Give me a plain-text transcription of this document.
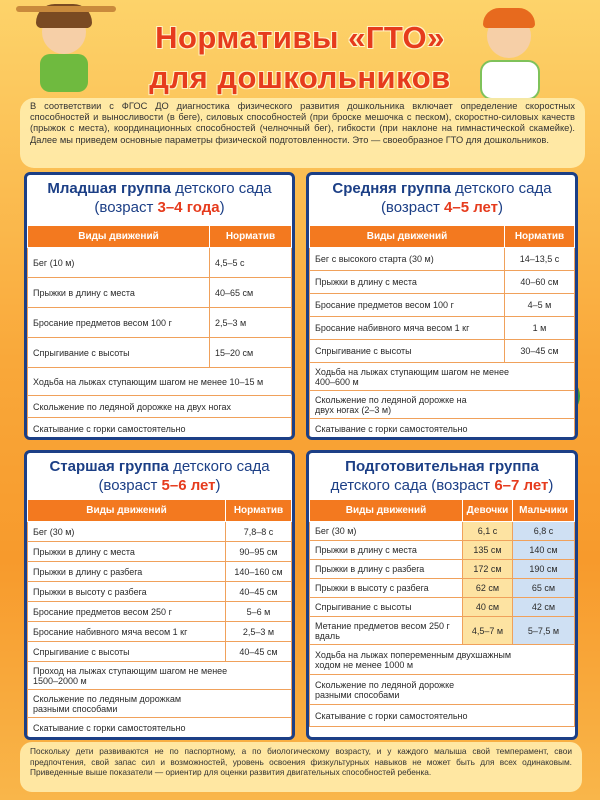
Нормативы «ГТО»
для дошкольников
В соответствии с ФГОС ДО диагностика физического развития дошкольника включает определение скоростных способностей и выносливости (в беге), силовых способностей (при броске мешочка с песком), скоростно-силовых качеств (прыжок с места), координационных способностей (челночный бег), гибкости (при наклоне на гимнастической скамейке). Далее мы приведем основные параметры физической подготовленности. Это — своеобразное ГТО для дошкольников.
Младшая группа детского сада
(возраст 3–4 года)
Виды движений	Норматив
Бег (10 м)	4,5–5 с
Прыжки в длину с места	40–65 см
Бросание предметов весом 100 г	2,5–3 м
Спрыгивание с высоты	15–20 см
Ходьба на лыжах ступающим шагом не менее 10–15 м	
Скольжение по ледяной дорожке на двух ногах	
Скатывание с горки самостоятельно	
Средняя группа детского сада
(возраст 4–5 лет)
Виды движений	Норматив
Бег с высокого старта (30 м)	14–13,5 с
Прыжки в длину с места	40–60 см
Бросание предметов весом 100 г	4–5 м
Бросание набивного мяча весом 1 кг	1 м
Спрыгивание с высоты	30–45 см
Ходьба на лыжах ступающим шагом не менее 400–600 м	
Скольжение по ледяной дорожке на двух ногах (2–3 м)	
Скатывание с горки самостоятельно	
Старшая группа детского сада
(возраст 5–6 лет)
Виды движений	Норматив
Бег (30 м)	7,8–8 с
Прыжки в длину с места	90–95 см
Прыжки в длину с разбега	140–160 см
Прыжки в высоту с разбега	40–45 см
Бросание предметов весом 250 г	5–6 м
Бросание набивного мяча весом 1 кг	2,5–3 м
Спрыгивание с высоты	40–45 см
Проход на лыжах ступающим шагом не менее 1500–2000 м	
Скольжение по ледяным дорожкам разными способами	
Скатывание с горки самостоятельно	
Подготовительная группа
детского сада (возраст 6–7 лет)
Виды движений	Девочки	Мальчики
Бег (30 м)	6,1 с	6,8 с
Прыжки в длину с места	135 см	140 см
Прыжки в длину с разбега	172 см	190 см
Прыжки в высоту с разбега	62 см	65 см
Спрыгивание с высоты	40 см	42 см
Метание предметов весом 250 г вдаль	4,5–7 м	5–7,5 м
Ходьба на лыжах попеременным двухшажным ходом не менее 1000 м		
Скольжение по ледяной дорожке разными способами		
Скатывание с горки самостоятельно		
Поскольку дети развиваются не по паспортному, а по биологическому возрасту, и у каждого малыша свой темперамент, свои предпочтения, свой запас сил и возможностей, уровень освоения физкультурных навыков не может быть для всех одинаковым. Приведенные выше показатели — ориентир для оценки развития двигательных способностей ребенка.
